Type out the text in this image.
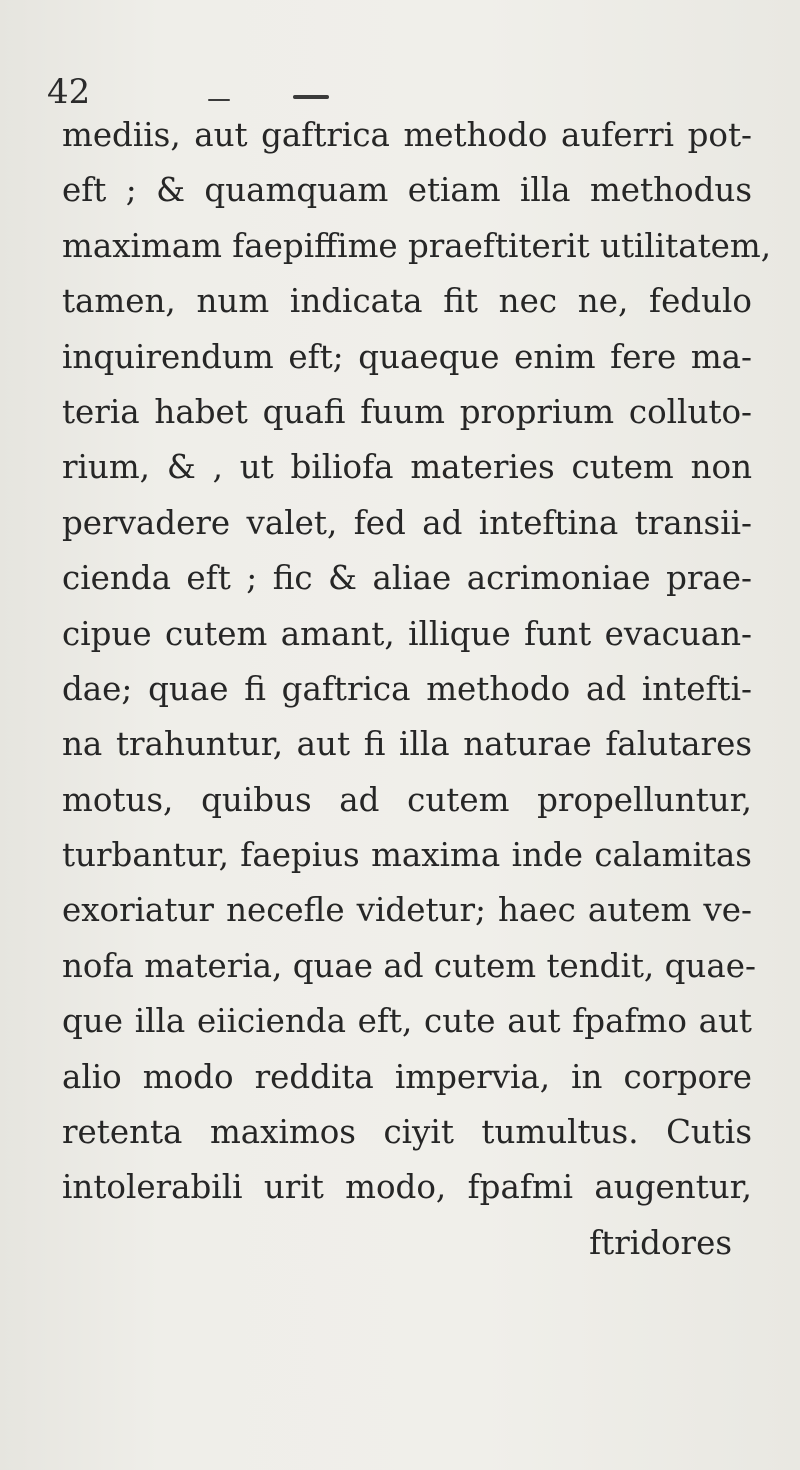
42
mediis, aut gaftrica methodo auferri pot-
eft ; & quamquam etiam illa methodus
maximam faepiffime praeftiterit utilitatem,
tamen, num indicata fit nec ne, fedulo
inquirendum eft; quaeque enim fere ma-
teria habet quafi fuum proprium colluto-
rium, & , ut biliofa materies cutem non
pervadere valet, fed ad inteftina transii-
cienda eft ; fic & aliae acrimoniae prae-
cipue cutem amant, illique funt evacuan-
dae; quae fi gaftrica methodo ad intefti-
na trahuntur, aut fi illa naturae falutares
motus, quibus ad cutem propelluntur,
turbantur, faepius maxima inde calamitas
exoriatur necefle videtur; haec autem ve-
nofa materia, quae ad cutem tendit, quae-
que illa eiicienda eft, cute aut fpafmo aut
alio modo reddita impervia, in corpore
retenta maximos ciyit tumultus. Cutis
intolerabili urit modo, fpafmi augentur,
ftridores
